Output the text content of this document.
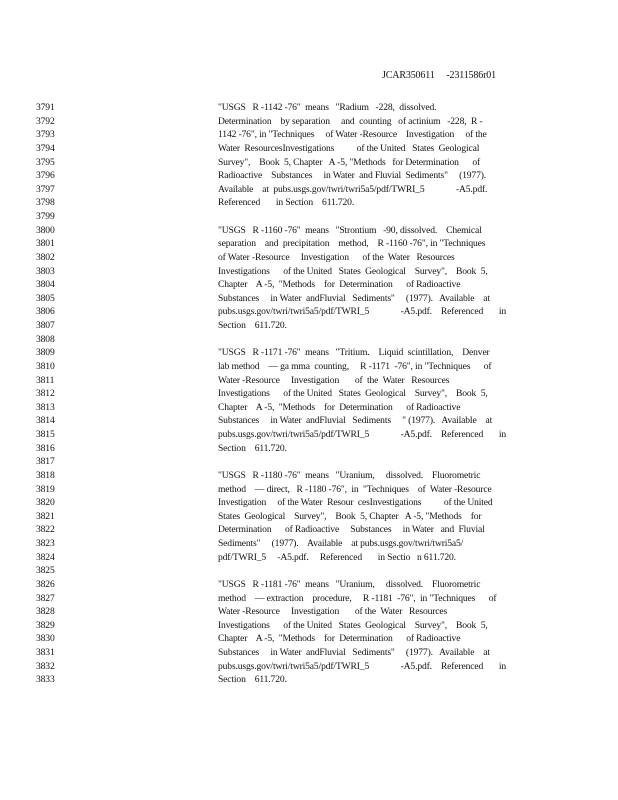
JCAR350611     -2311586r01
3791
3792
3793
3794
3795
3796
3797
3798
3799
3800
3801
3802
3803
3804
3805
3806
3807
3808
3809
3810
3811
3812
3813
3814
3815
3816
3817
3818
3819
3820
3821
3822
3823
3824
3825
3826
3827
3828
3829
3830
3831
3832
3833
"USGS   R -1142 -76"  means   "Radium   -228,  dissolved.
Determination    by separation     and  counting   of actinium   -228,  R -
1142 -76", in "Techniques     of Water -Resource    Investigation     of the
Water  ResourcesInvestigations          of the United   States  Geological
Survey",    Book  5, Chapter   A -5, "Methods   for Determination      of
Radioactive    Substances     in Water  and Fluvial  Sediments"     (1977).
Available    at  pubs.usgs.gov/twri/twri5a5/pdf/TWRI_5              -A5.pdf.
Referenced       in Section    611.720.
"USGS   R -1160 -76"  means   "Strontium   -90, dissolved.    Chemical
separation    and  precipitation    method,    R -1160 -76", in "Techniques
of Water -Resource     Investigation      of the  Water   Resources
Investigations      of the United   States  Geological    Survey",    Book  5,
Chapter    A -5,  "Methods    for  Determination      of Radioactive
Substances     in Water  andFluvial   Sediments"     (1977).   Available    at
pubs.usgs.gov/twri/twri5a5/pdf/TWRI_5              -A5.pdf.    Referenced       in
Section    611.720.
"USGS   R -1171 -76"  means   "Tritium.    Liquid  scintillation,    Denver
lab method    — ga mma  counting,     R -1171  -76", in "Techniques      of
Water -Resource     Investigation       of  the  Water   Resources
Investigations      of the United   States  Geological    Survey",    Book  5,
Chapter    A -5,  "Methods    for  Determination      of Radioactive
Substances     in Water  andFluvial   Sediments     " (1977).   Available    at
pubs.usgs.gov/twri/twri5a5/pdf/TWRI_5              -A5.pdf.    Referenced       in
Section    611.720.
"USGS   R -1180 -76"  means   "Uranium,     dissolved.    Fluorometric
method    — direct,   R -1180 -76",  in  "Techniques    of  Water -Resource
Investigation     of the Water  Resour  cesInvestigations          of the United
States  Geological    Survey",    Book  5, Chapter   A -5, "Methods    for
Determination      of Radioactive     Substances     in Water   and  Fluvial
Sediments"     (1977).    Available    at pubs.usgs.gov/twri/twri5a5/
pdf/TWRI_5     -A5.pdf.     Referenced       in Sectio   n 611.720.
"USGS   R -1181 -76"  means   "Uranium,     dissolved.    Fluorometric
method    — extraction    procedure,     R -1181  -76",  in "Techniques      of
Water -Resource     Investigation       of the  Water   Resources
Investigations      of the United   States  Geological    Survey",    Book  5,
Chapter    A -5,  "Methods    for  Determination      of Radioactive
Substances     in Water  andFluvial   Sediments"     (1977).   Available    at
pubs.usgs.gov/twri/twri5a5/pdf/TWRI_5              -A5.pdf.    Referenced       in
Section    611.720.
